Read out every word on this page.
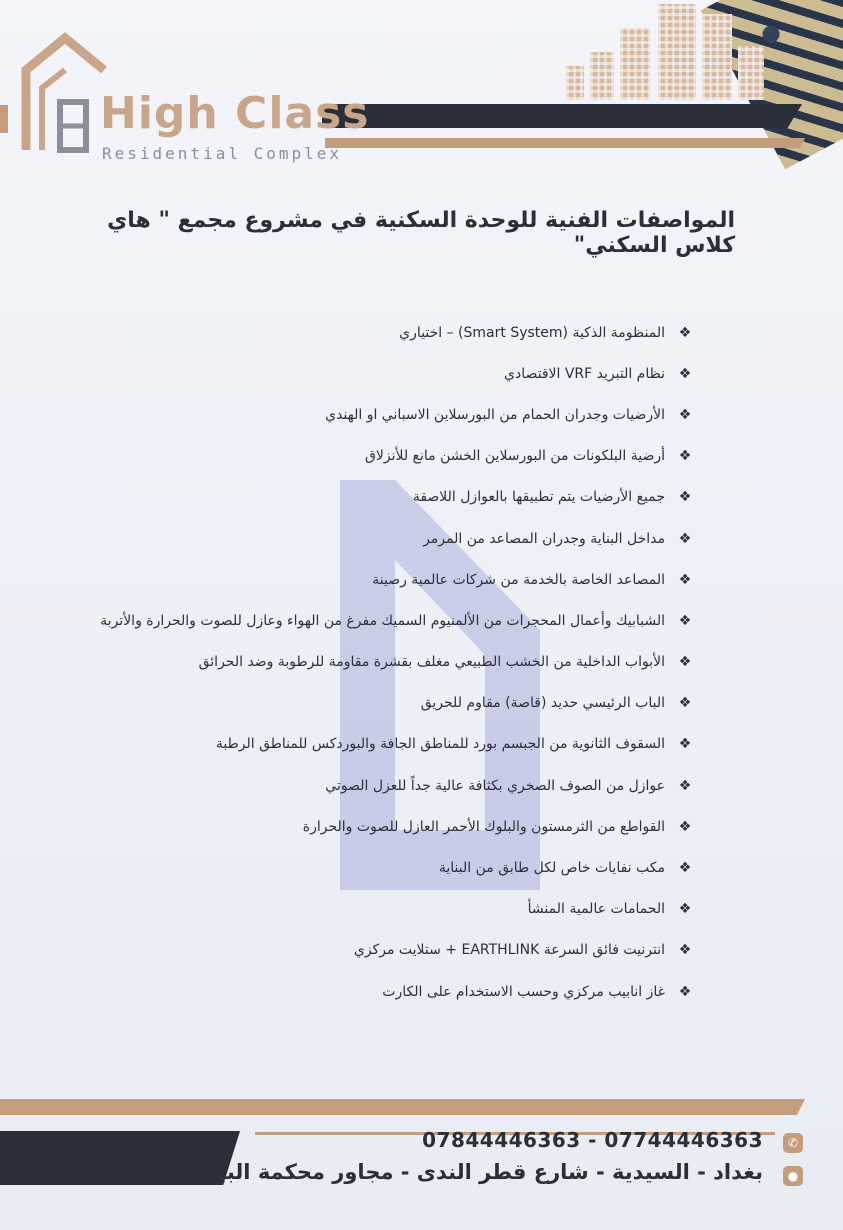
High Class
Residential Complex
المواصفات الفنية للوحدة السكنية في مشروع مجمع " هاي كلاس السكني"
❖
المنظومة الذكية (Smart System) – اختياري
❖
نظام التبريد VRF الاقتصادي
❖
الأرضيات وجدران الحمام من البورسلاين الاسباني او الهندي
❖
أرضية البلكونات من البورسلاين الخشن مانع للأنزلاق
❖
جميع الأرضيات يتم تطبيقها بالعوازل اللاصقة
❖
مداخل البناية وجدران المصاعد من المرمر
❖
المصاعد الخاصة بالخدمة من شركات عالمية رصينة
❖
الشبابيك وأعمال المحجرات من الألمنيوم السميك مفرغ من الهواء وعازل للصوت والحرارة والأتربة
❖
الأبواب الداخلية من الخشب الطبيعي مغلف بقشرة مقاومة للرطوبة وضد الحرائق
❖
الباب الرئيسي حديد (قاصة) مقاوم للحريق
❖
السقوف الثانوية من الجبسم بورد للمناطق الجافة والبوردكس للمناطق الرطبة
❖
عوازل من الصوف الصخري بكثافة عالية جداً للعزل الصوتي
❖
القواطع من الثرمستون والبلوك الأحمر العازل للصوت والحرارة
❖
مكب نفايات خاص لكل طابق من البناية
❖
الحمامات عالمية المنشأ
❖
انترنيت فائق السرعة EARTHLINK + ستلايت مركزي
❖
غاز انابيب مركزي وحسب الاستخدام على الكارت
07844446363 - 07744446363	✆
بغداد - السيدية - شارع قطر الندى - مجاور محكمة البياع	●
